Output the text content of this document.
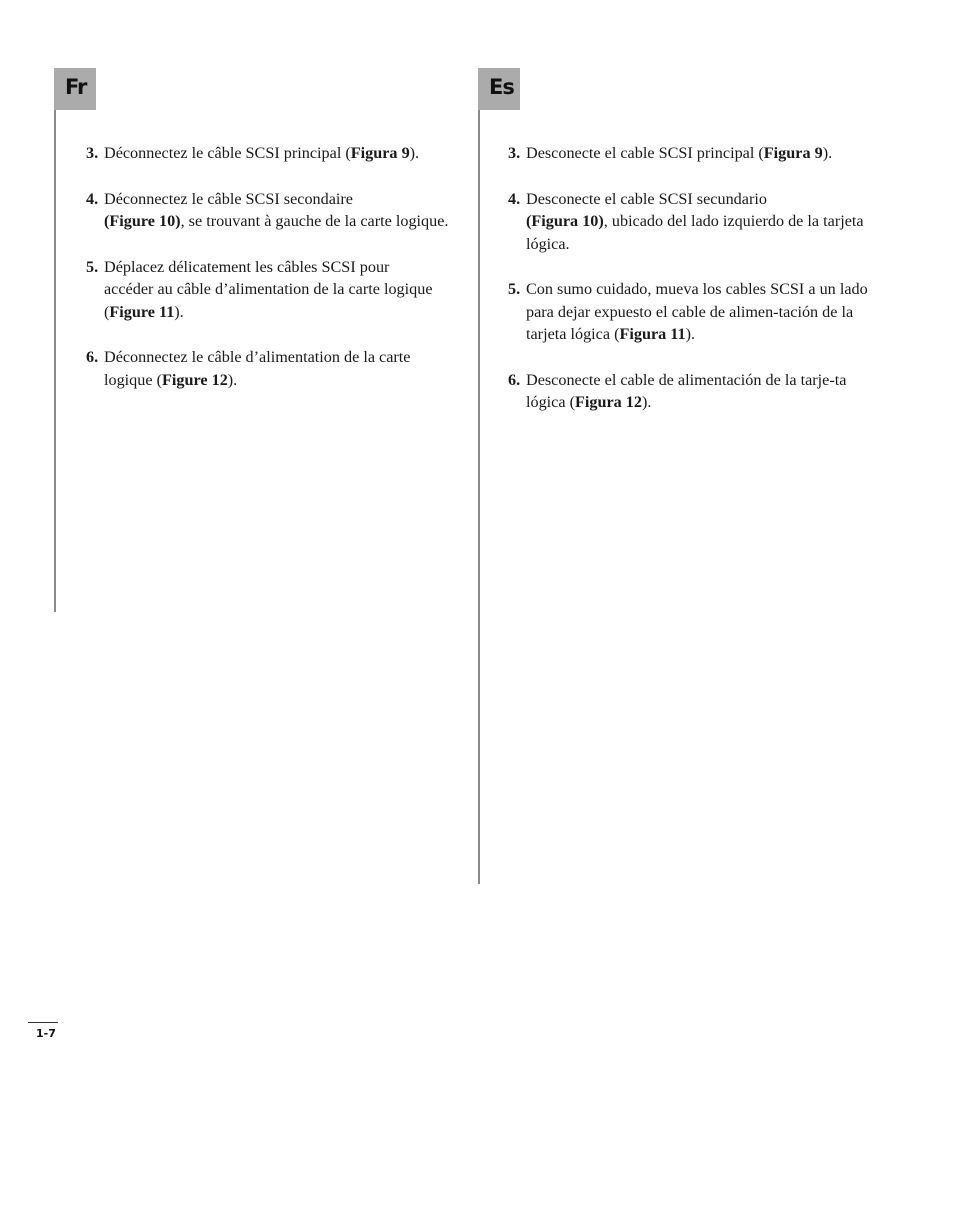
Fr
3. Déconnectez le câble SCSI principal (Figura 9).
4. Déconnectez le câble SCSI secondaire
(Figure 10), se trouvant à gauche de la carte logique.
5. Déplacez délicatement les câbles SCSI pour accéder au câble d’alimentation de la carte logique (Figure 11).
6. Déconnectez le câble d’alimentation de la carte logique (Figure 12).
Es
3. Desconecte el cable SCSI principal (Figura 9).
4. Desconecte el cable SCSI secundario
(Figura 10), ubicado del lado izquierdo de la tarjeta lógica.
5. Con sumo cuidado, mueva los cables SCSI a un lado para dejar expuesto el cable de alimen-tación de la tarjeta lógica (Figura 11).
6. Desconecte el cable de alimentación de la tarje-ta lógica (Figura 12).
1-7
